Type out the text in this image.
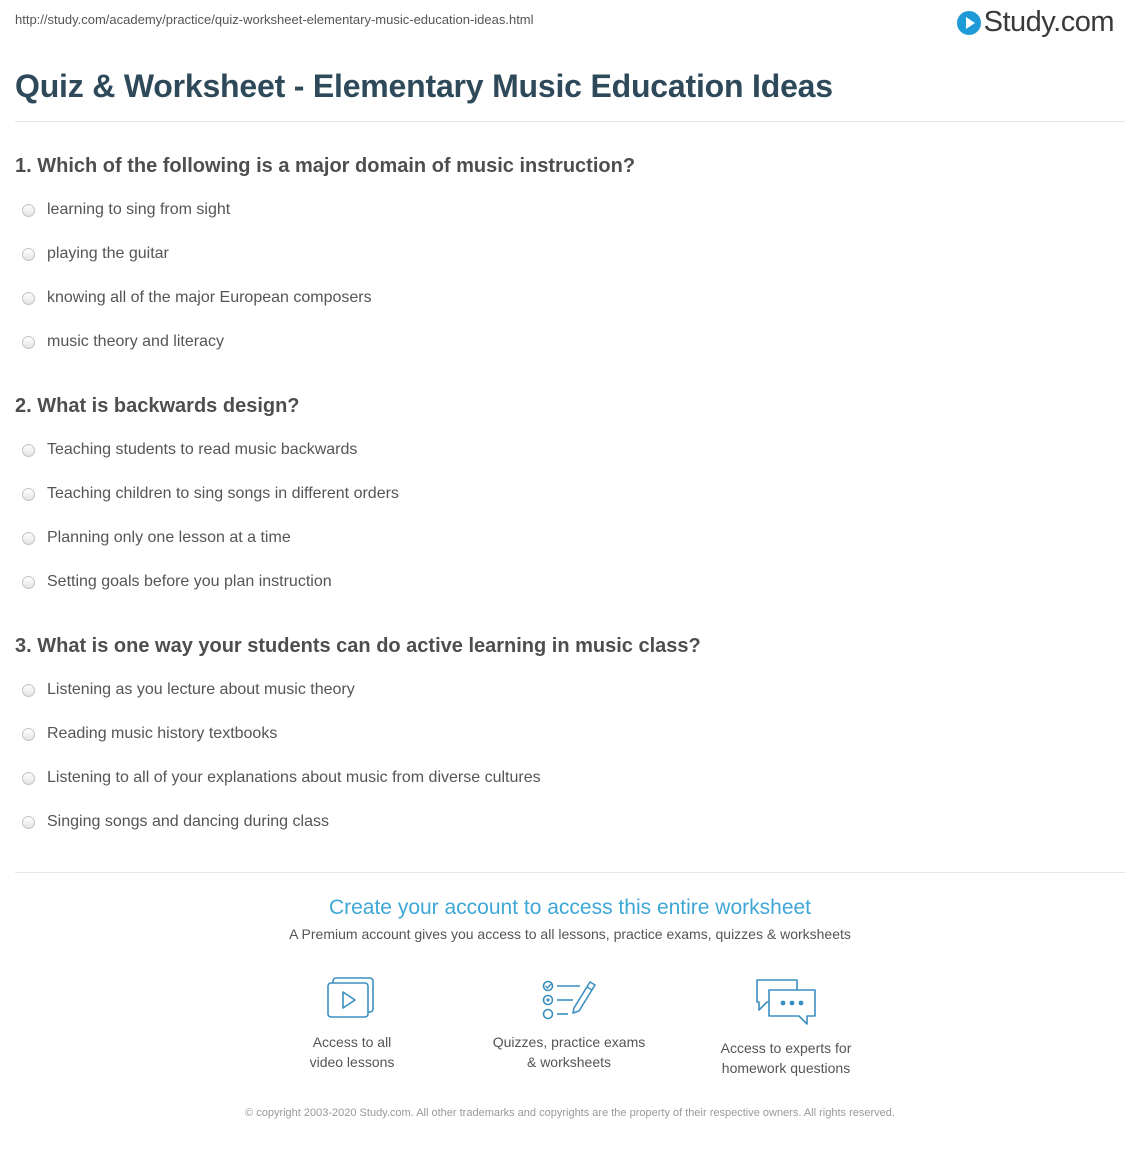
http://study.com/academy/practice/quiz-worksheet-elementary-music-education-ideas.html	Study.com
Quiz & Worksheet - Elementary Music Education Ideas
1. Which of the following is a major domain of music instruction?
learning to sing from sight
playing the guitar
knowing all of the major European composers
music theory and literacy
2. What is backwards design?
Teaching students to read music backwards
Teaching children to sing songs in different orders
Planning only one lesson at a time
Setting goals before you plan instruction
3. What is one way your students can do active learning in music class?
Listening as you lecture about music theory
Reading music history textbooks
Listening to all of your explanations about music from diverse cultures
Singing songs and dancing during class
Create your account to access this entire worksheet
A Premium account gives you access to all lessons, practice exams, quizzes & worksheets
Access to all
video lessons
Quizzes, practice exams
& worksheets
Access to experts for
homework questions
© copyright 2003-2020 Study.com. All other trademarks and copyrights are the property of their respective owners. All rights reserved.
